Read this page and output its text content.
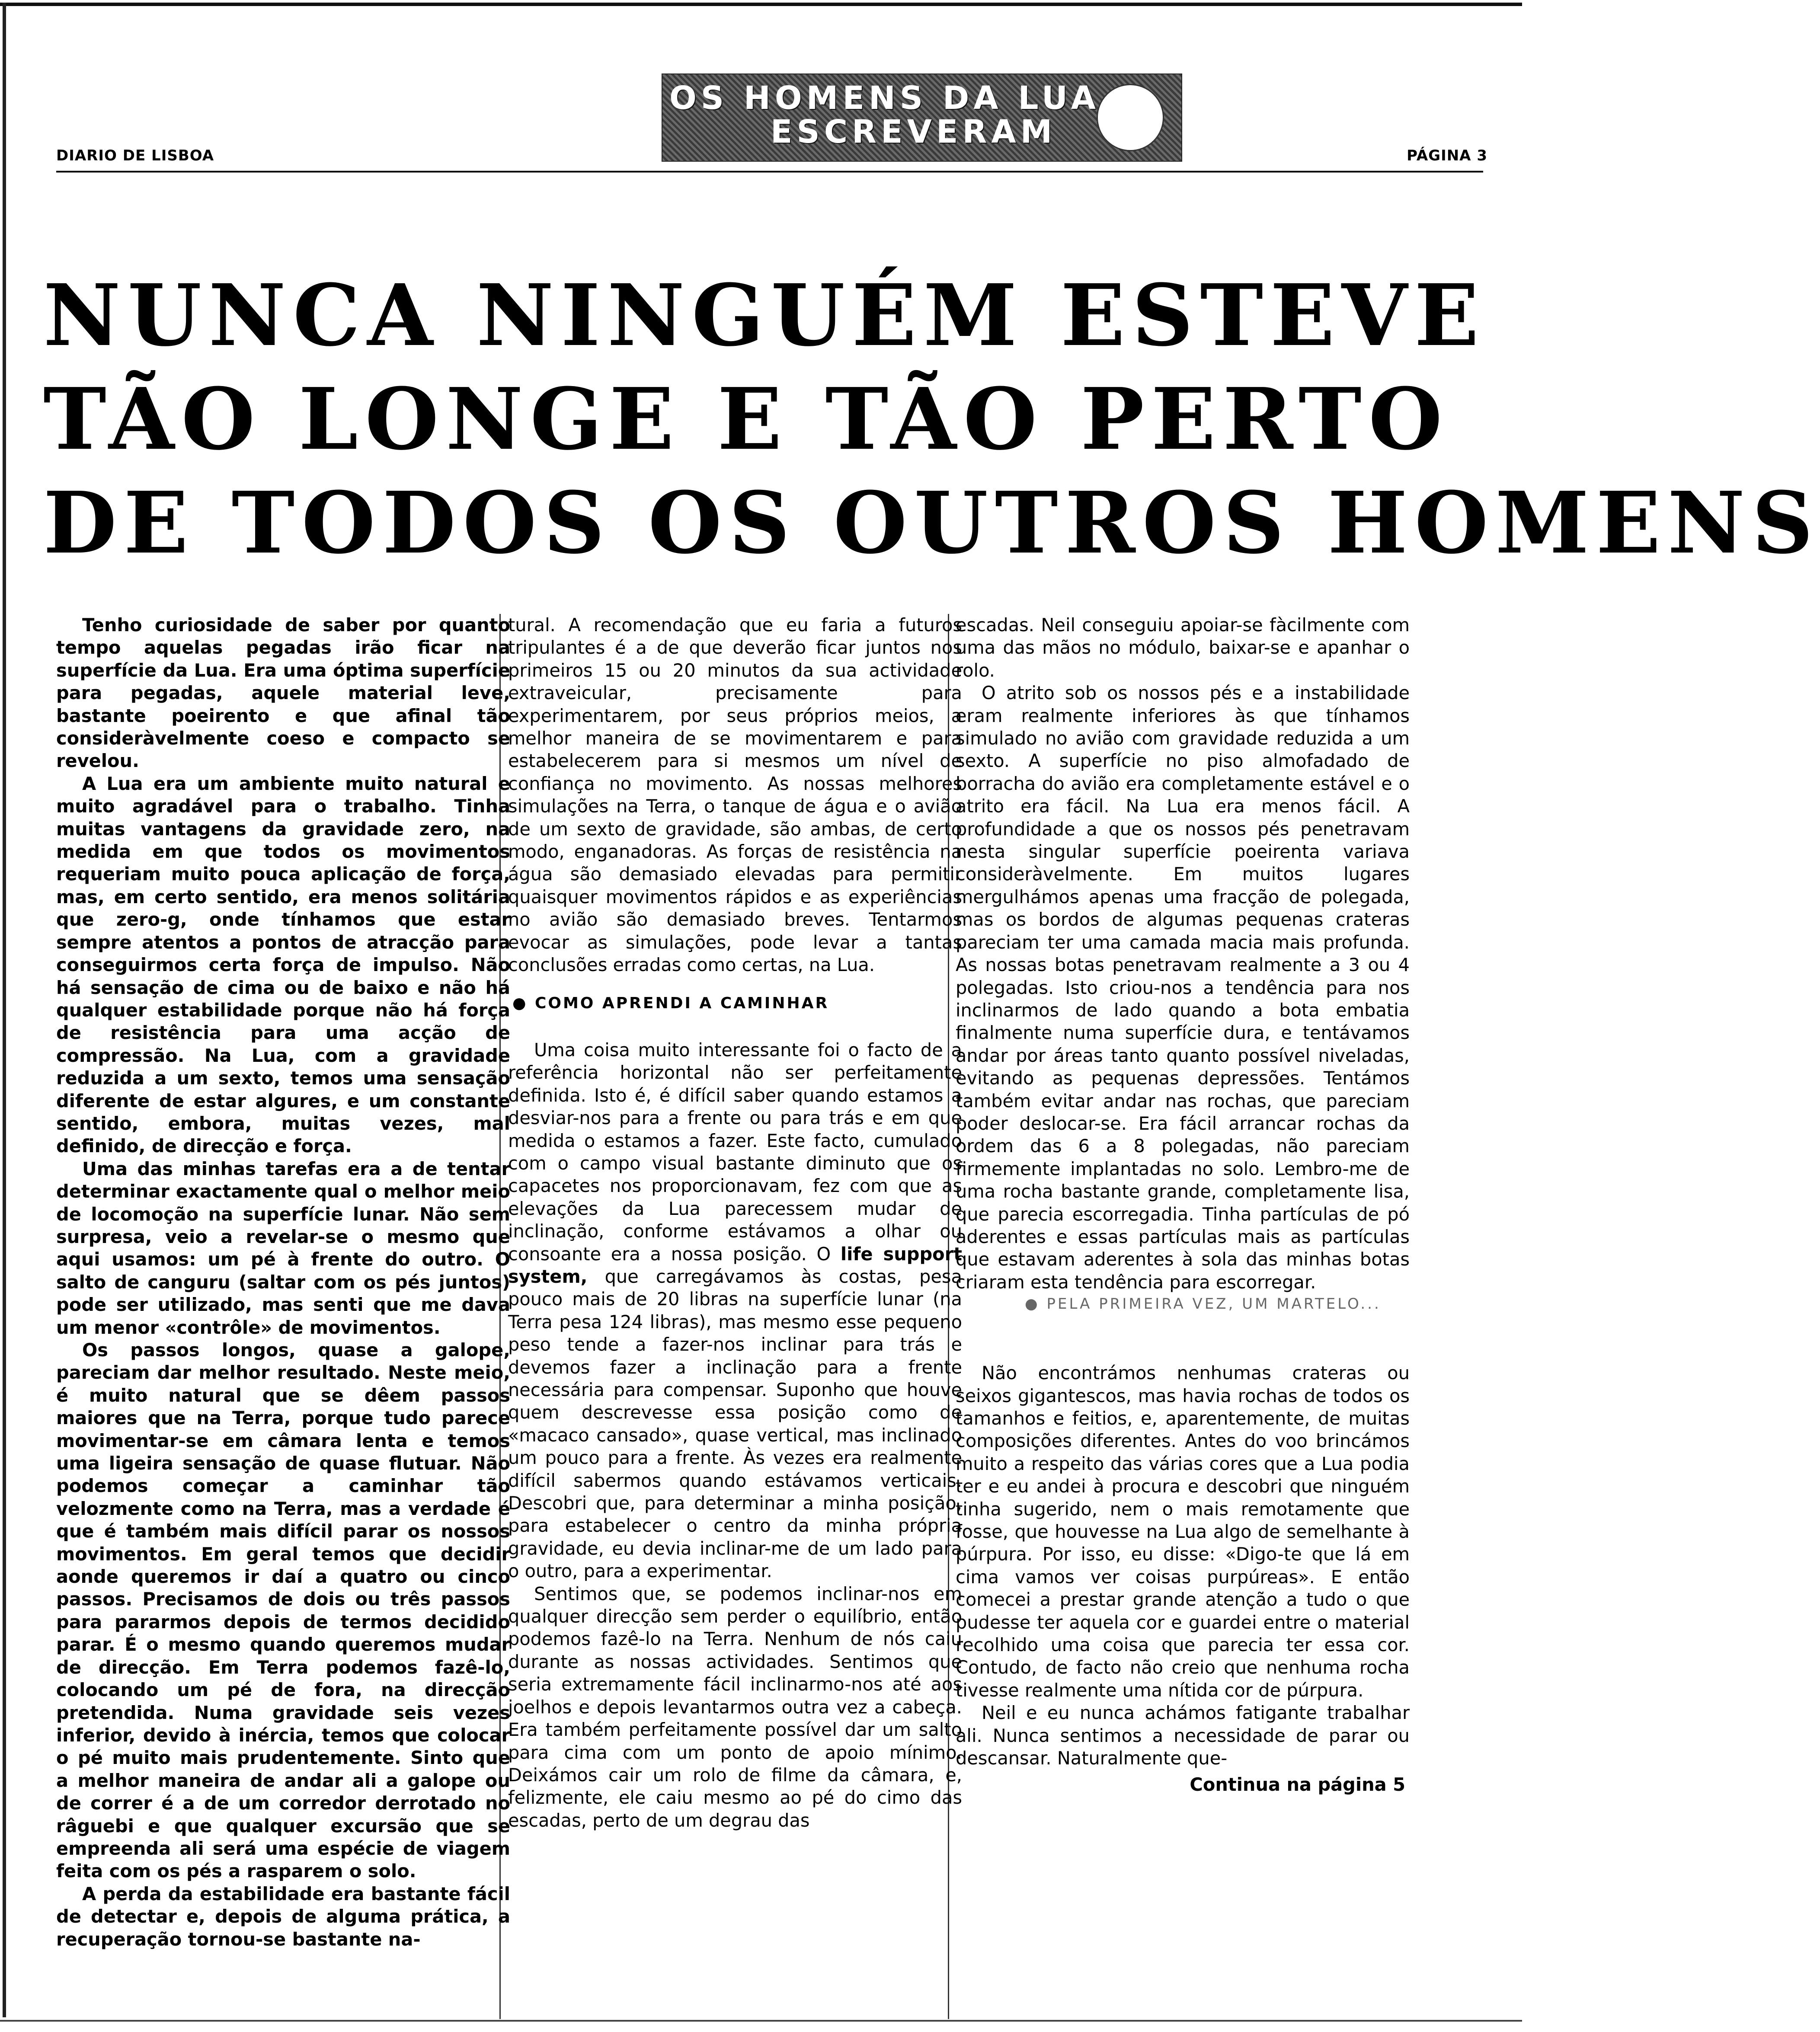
DIARIO DE LISBOA	PÁGINA 3
OS HOMENS DA LUA
ESCREVERAM
NUNCA NINGUÉM ESTEVE
TÃO LONGE E TÃO PERTO
DE TODOS OS OUTROS HOMENS

Tenho curiosidade de saber por quanto tempo aquelas pegadas irão ficar na superfície da Lua. Era uma óptima superfície para pegadas, aquele material leve, bastante poeirento e que afinal tão consideràvelmente coeso e compacto se revelou.

A Lua era um ambiente muito natural e muito agradável para o trabalho. Tinha muitas vantagens da gravidade zero, na medida em que todos os movimentos requeriam muito pouca aplicação de força, mas, em certo sentido, era menos solitária que zero-g, onde tínhamos que estar sempre atentos a pontos de atracção para conseguirmos certa força de impulso. Não há sensação de cima ou de baixo e não há qualquer estabilidade porque não há força de resistência para uma acção de compressão. Na Lua, com a gravidade reduzida a um sexto, temos uma sensação diferente de estar algures, e um constante sentido, embora, muitas vezes, mal definido, de direcção e força.

Uma das minhas tarefas era a de tentar determinar exactamente qual o melhor meio de locomoção na superfície lunar. Não sem surpresa, veio a revelar-se o mesmo que aqui usamos: um pé à frente do outro. O salto de canguru (saltar com os pés juntos) pode ser utilizado, mas senti que me dava um menor «contrôle» de movimentos.

Os passos longos, quase a galope, pareciam dar melhor resultado. Neste meio, é muito natural que se dêem passos maiores que na Terra, porque tudo parece movimentar-se em câmara lenta e temos uma ligeira sensação de quase flutuar. Não podemos começar a caminhar tão velozmente como na Terra, mas a verdade é que é também mais difícil parar os nossos movimentos. Em geral temos que decidir aonde queremos ir daí a quatro ou cinco passos. Precisamos de dois ou três passos para pararmos depois de termos decidido parar. É o mesmo quando queremos mudar de direcção. Em Terra podemos fazê-lo, colocando um pé de fora, na direcção pretendida. Numa gravidade seis vezes inferior, devido à inércia, temos que colocar o pé muito mais prudentemente. Sinto que a melhor maneira de andar ali a galope ou de correr é a de um corredor derrotado no râguebi e que qualquer excursão que se empreenda ali será uma espécie de viagem feita com os pés a rasparem o solo.

A perda da estabilidade era bastante fácil de detectar e, depois de alguma prática, a recuperação tornou-se bastante na-

tural. A recomendação que eu faria a futuros tripulantes é a de que deverão ficar juntos nos primeiros 15 ou 20 minutos da sua actividade extraveicular, precisamente para experimentarem, por seus próprios meios, a melhor maneira de se movimentarem e para estabelecerem para si mesmos um nível de confiança no movimento. As nossas melhores simulações na Terra, o tanque de água e o avião de um sexto de gravidade, são ambas, de certo modo, enganadoras. As forças de resistência na água são demasiado elevadas para permitir quaisquer movimentos rápidos e as experiências no avião são demasiado breves. Tentarmos evocar as simulações, pode levar a tantas conclusões erradas como certas, na Lua.

● COMO APRENDI A CAMINHAR

Uma coisa muito interessante foi o facto de a referência horizontal não ser perfeitamente definida. Isto é, é difícil saber quando estamos a desviar-nos para a frente ou para trás e em que medida o estamos a fazer. Este facto, cumulado com o campo visual bastante diminuto que os capacetes nos proporcionavam, fez com que as elevações da Lua parecessem mudar de inclinação, conforme estávamos a olhar ou consoante era a nossa posição. O life support system, que carregávamos às costas, pesa pouco mais de 20 libras na superfície lunar (na Terra pesa 124 libras), mas mesmo esse pequeno peso tende a fazer-nos inclinar para trás e devemos fazer a inclinação para a frente necessária para compensar. Suponho que houve quem descrevesse essa posição como de «macaco cansado», quase vertical, mas inclinado um pouco para a frente. Às vezes era realmente difícil sabermos quando estávamos verticais. Descobri que, para determinar a minha posição, para estabelecer o centro da minha própria gravidade, eu devia inclinar-me de um lado para o outro, para a experimentar.

Sentimos que, se podemos inclinar-nos em qualquer direcção sem perder o equilíbrio, então podemos fazê-lo na Terra. Nenhum de nós caiu durante as nossas actividades. Sentimos que seria extremamente fácil inclinarmo-nos até aos joelhos e depois levantarmos outra vez a cabeça. Era também perfeitamente possível dar um salto para cima com um ponto de apoio mínimo. Deixámos cair um rolo de filme da câmara, e, felizmente, ele caiu mesmo ao pé do cimo das escadas, perto de um degrau das

escadas. Neil conseguiu apoiar-se fàcilmente com uma das mãos no módulo, baixar-se e apanhar o rolo.

O atrito sob os nossos pés e a instabilidade eram realmente inferiores às que tínhamos simulado no avião com gravidade reduzida a um sexto. A superfície no piso almofadado de borracha do avião era completamente estável e o atrito era fácil. Na Lua era menos fácil. A profundidade a que os nossos pés penetravam nesta singular superfície poeirenta variava consideràvelmente. Em muitos lugares mergulhámos apenas uma fracção de polegada, mas os bordos de algumas pequenas crateras pareciam ter uma camada macia mais profunda. As nossas botas penetravam realmente a 3 ou 4 polegadas. Isto criou-nos a tendência para nos inclinarmos de lado quando a bota embatia finalmente numa superfície dura, e tentávamos andar por áreas tanto quanto possível niveladas, evitando as pequenas depressões. Tentámos também evitar andar nas rochas, que pareciam poder deslocar-se. Era fácil arrancar rochas da ordem das 6 a 8 polegadas, não pareciam firmemente implantadas no solo. Lembro-me de uma rocha bastante grande, completamente lisa, que parecia escorregadia. Tinha partículas de pó aderentes e essas partículas mais as partículas que estavam aderentes à sola das minhas botas criaram esta tendência para escorregar.

● PELA PRIMEIRA VEZ, UM MARTELO...

Não encontrámos nenhumas crateras ou seixos gigantescos, mas havia rochas de todos os tamanhos e feitios, e, aparentemente, de muitas composições diferentes. Antes do voo brincámos muito a respeito das várias cores que a Lua podia ter e eu andei à procura e descobri que ninguém tinha sugerido, nem o mais remotamente que fosse, que houvesse na Lua algo de semelhante à púrpura. Por isso, eu disse: «Digo-te que lá em cima vamos ver coisas purpúreas». E então comecei a prestar grande atenção a tudo o que pudesse ter aquela cor e guardei entre o material recolhido uma coisa que parecia ter essa cor. Contudo, de facto não creio que nenhuma rocha tivesse realmente uma nítida cor de púrpura.

Neil e eu nunca achámos fatigante trabalhar ali. Nunca sentimos a necessidade de parar ou descansar. Naturalmente que-

Continua na página 5
